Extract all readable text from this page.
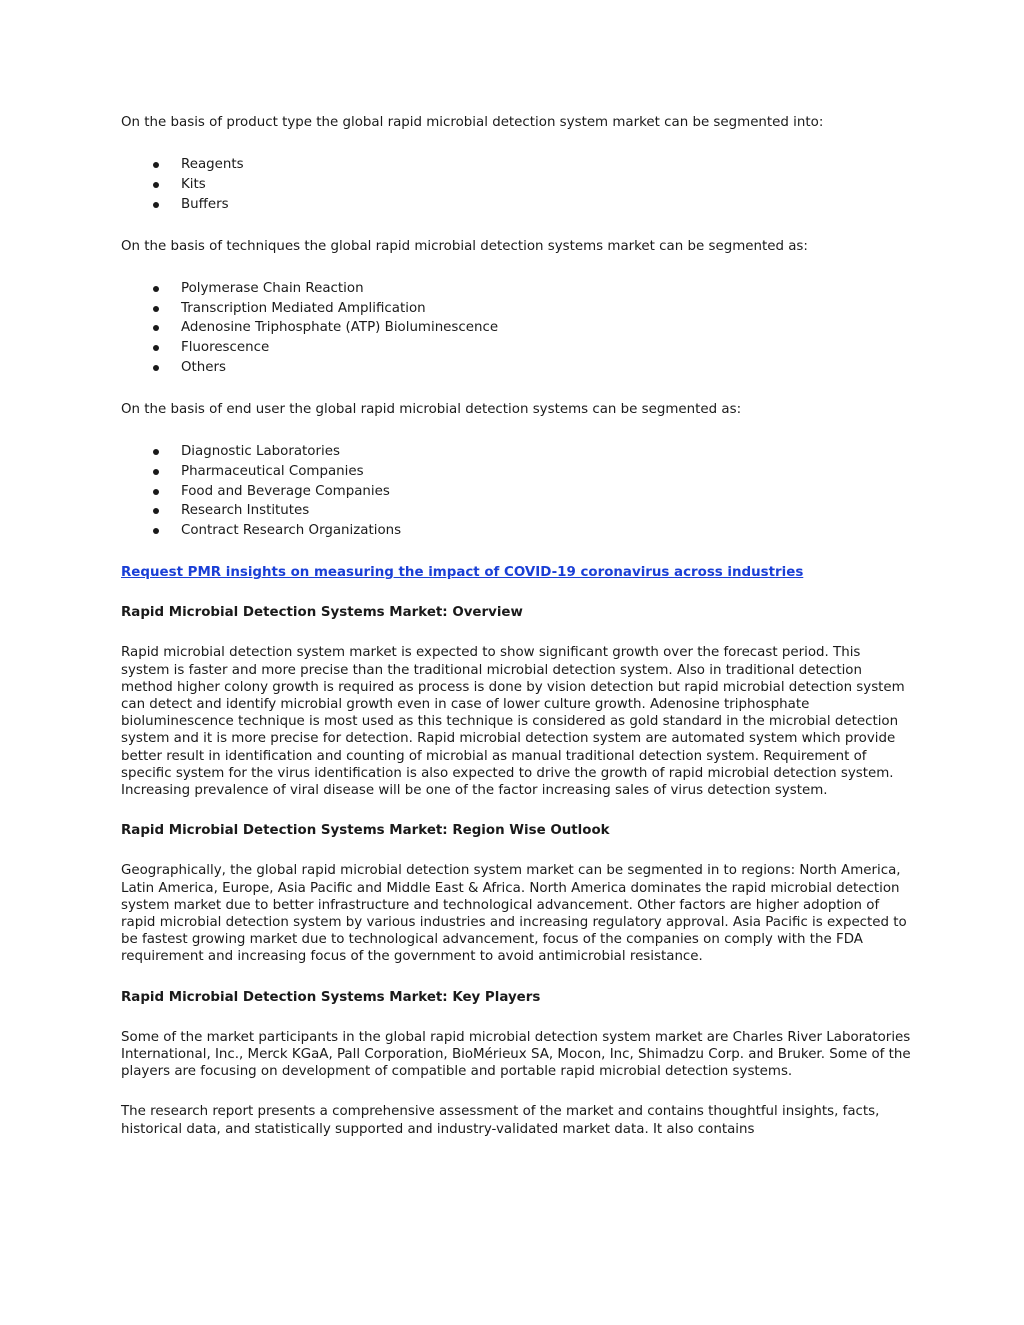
On the basis of product type the global rapid microbial detection system market can be segmented into:

Reagents
Kits
Buffers

On the basis of techniques the global rapid microbial detection systems market can be segmented as:

Polymerase Chain Reaction
Transcription Mediated Amplification
Adenosine Triphosphate (ATP) Bioluminescence
Fluorescence
Others

On the basis of end user the global rapid microbial detection systems can be segmented as:

Diagnostic Laboratories
Pharmaceutical Companies
Food and Beverage Companies
Research Institutes
Contract Research Organizations
Request PMR insights on measuring the impact of COVID-19 coronavirus across industries
Rapid Microbial Detection Systems Market: Overview

Rapid microbial detection system market is expected to show significant growth over the forecast period. This system is faster and more precise than the traditional microbial detection system. Also in traditional detection method higher colony growth is required as process is done by vision detection but rapid microbial detection system can detect and identify microbial growth even in case of lower culture growth. Adenosine triphosphate bioluminescence technique is most used as this technique is considered as gold standard in the microbial detection system and it is more precise for detection. Rapid microbial detection system are automated system which provide better result in identification and counting of microbial as manual traditional detection system. Requirement of specific system for the virus identification is also expected to drive the growth of rapid microbial detection system. Increasing prevalence of viral disease will be one of the factor increasing sales of virus detection system.

Rapid Microbial Detection Systems Market: Region Wise Outlook

Geographically, the global rapid microbial detection system market can be segmented in to regions: North America, Latin America, Europe, Asia Pacific and Middle East & Africa. North America dominates the rapid microbial detection system market due to better infrastructure and technological advancement. Other factors are higher adoption of rapid microbial detection system by various industries and increasing regulatory approval. Asia Pacific is expected to be fastest growing market due to technological advancement, focus of the companies on comply with the FDA requirement and increasing focus of the government to avoid antimicrobial resistance.

Rapid Microbial Detection Systems Market: Key Players

Some of the market participants in the global rapid microbial detection system market are Charles River Laboratories International, Inc., Merck KGaA, Pall Corporation, BioMérieux SA, Mocon, Inc, Shimadzu Corp. and Bruker. Some of the players are focusing on development of compatible and portable rapid microbial detection systems.

The research report presents a comprehensive assessment of the market and contains thoughtful insights, facts, historical data, and statistically supported and industry-validated market data. It also contains
